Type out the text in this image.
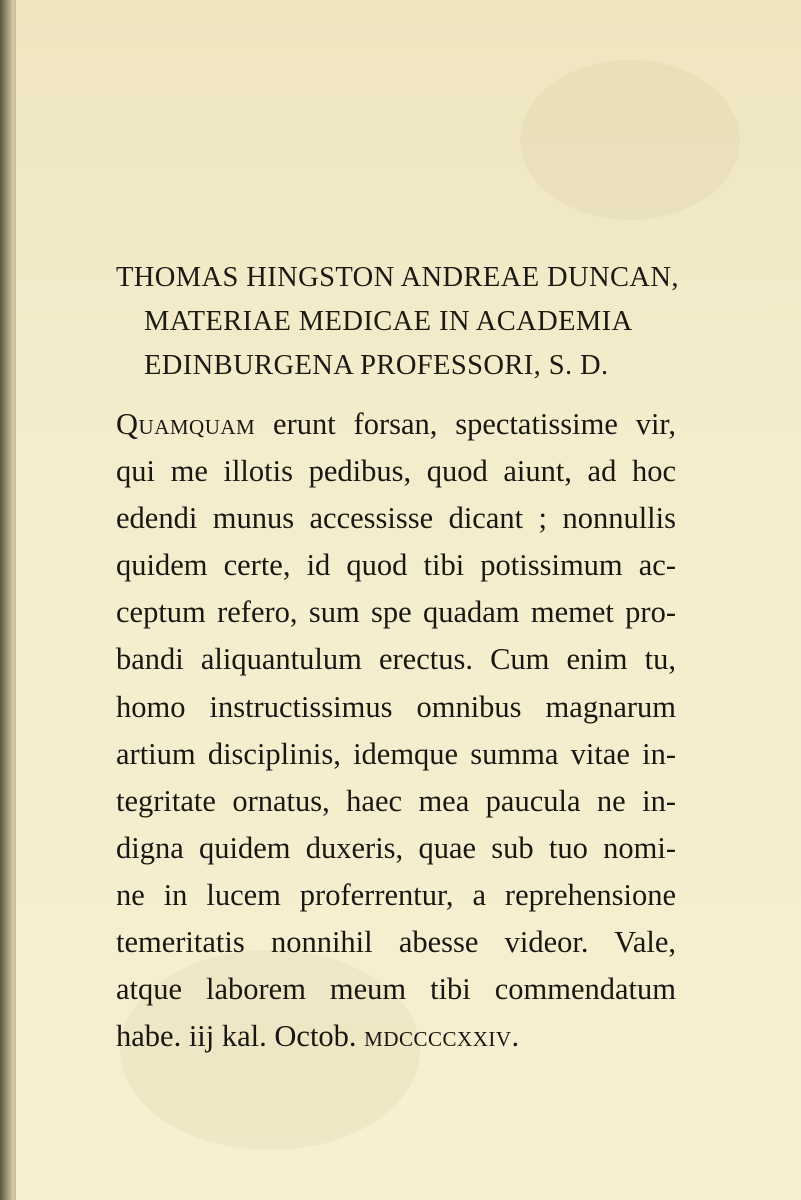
THOMAS HINGSTON ANDREAE DUNCAN,
MATERIAE MEDICAE IN ACADEMIA
EDINBURGENA PROFESSORI, S. D.
Quamquam erunt forsan, spectatissime vir,
qui me illotis pedibus, quod aiunt, ad hoc
edendi munus accessisse dicant ; nonnullis
quidem certe, id quod tibi potissimum ac-
ceptum refero, sum spe quadam memet pro-
bandi aliquantulum erectus. Cum enim tu,
homo instructissimus omnibus magnarum
artium disciplinis, idemque summa vitae in-
tegritate ornatus, haec mea paucula ne in-
digna quidem duxeris, quae sub tuo nomi-
ne in lucem proferrentur, a reprehensione
temeritatis nonnihil abesse videor. Vale,
atque laborem meum tibi commendatum
habe. iij kal. Octob. mdccccxxiv.
